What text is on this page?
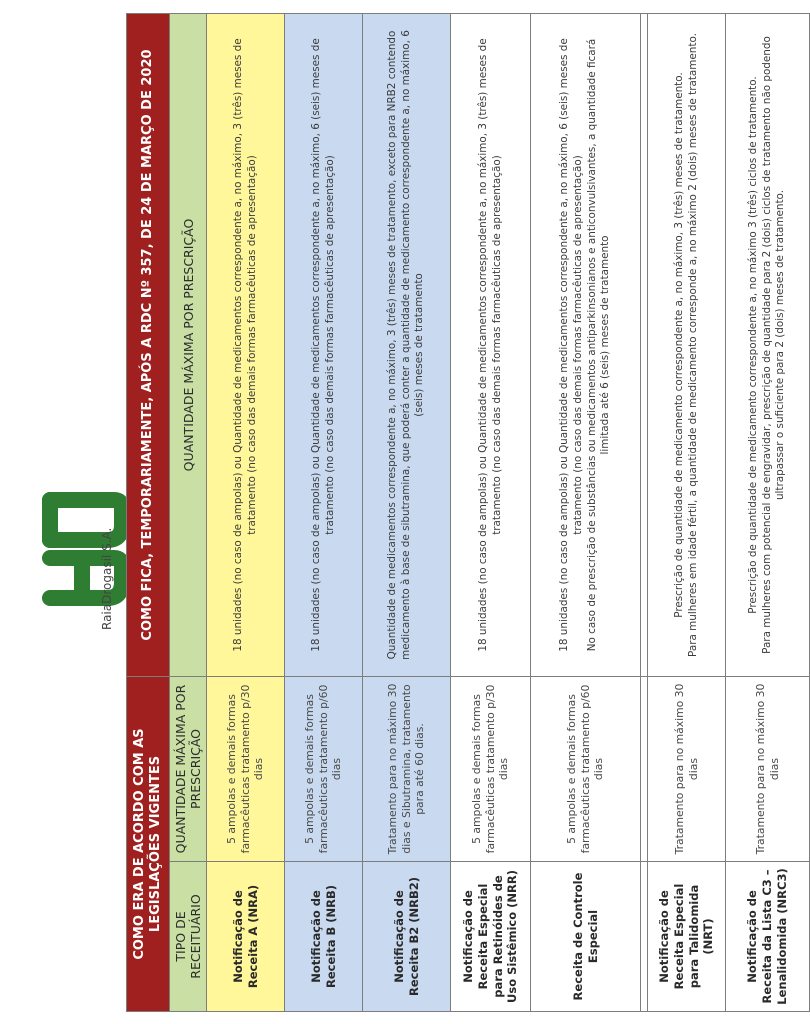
RaiaDrogasil S.A.
COMO ERA DE ACORDO COM AS LEGISLAÇÕES VIGENTES		COMO FICA, TEMPORARIAMENTE, APÓS A RDC Nº 357, DE 24 DE MARÇO DE 2020
TIPO DE RECEITUÁRIO	QUANTIDADE MÁXIMA POR PRESCRIÇÃO	QUANTIDADE MÁXIMA POR PRESCRIÇÃO
Notificação de Receita A (NRA)	5 ampolas e demais formas farmacêuticas tratamento p/30 dias	18 unidades (no caso de ampolas) ou Quantidade de medicamentos correspondente a, no máximo, 3 (três) meses de tratamento (no caso das demais formas farmacêuticas de apresentação)
Notificação de Receita B (NRB)	5 ampolas e demais formas farmacêuticas tratamento p/60 dias	18 unidades (no caso de ampolas) ou Quantidade de medicamentos correspondente a, no máximo, 6 (seis) meses de tratamento (no caso das demais formas farmacêuticas de apresentação)
Notificação de Receita B2 (NRB2)	Tratamento para no máximo 30 dias e Sibutramina, tratamento para até 60 dias.	Quantidade de medicamentos correspondente a, no máximo, 3 (três) meses de tratamento, exceto para NRB2 contendo medicamento à base de sibutramina, que poderá conter a quantidade de medicamento correspondente a, no máximo, 6 (seis) meses de tratamento
Notificação de Receita Especial para Retinóides de Uso Sistêmico (NRR)	5 ampolas e demais formas farmacêuticas tratamento p/30 dias	18 unidades (no caso de ampolas) ou Quantidade de medicamentos correspondente a, no máximo, 3 (três) meses de tratamento (no caso das demais formas farmacêuticas de apresentação)
Receita de Controle Especial	5 ampolas e demais formas farmacêuticas tratamento p/60 dias	18 unidades (no caso de ampolas) ou Quantidade de medicamentos correspondente a, no máximo, 6 (seis) meses de tratamento (no caso das demais formas farmacêuticas de apresentação) No caso de prescrição de substâncias ou medicamentos antiparkinsonianos e anticonvulsivantes, a quantidade ficará limitada até 6 (seis) meses de tratamento

Notificação de Receita Especial para Talidomida (NRT)	Tratamento para no máximo 30 dias	Prescrição de quantidade de medicamento correspondente a, no máximo, 3 (três) meses de tratamento. Para mulheres em idade fértil, a quantidade de medicamento corresponde a, no máximo 2 (dois) meses de tratamento.

Notificação de Receita da Lista C3 – Lenalidomida (NRC3)	Tratamento para no máximo 30 dias	Prescrição de quantidade de medicamento correspondente a, no máximo 3 (três) ciclos de tratamento. Para mulheres com potencial de engravidar, prescrição de quantidade para 2 (dois) ciclos de tratamento não podendo ultrapassar o suficiente para 2 (dois) meses de tratamento.
